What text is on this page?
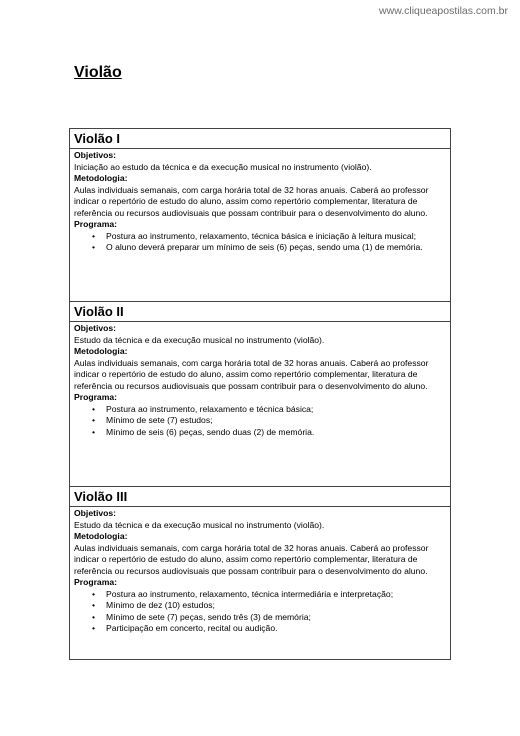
www.cliqueapostilas.com.br
Violão
Violão I
Objetivos:
Iniciação ao estudo da técnica e da execução musical no instrumento (violão).
Metodologia:
Aulas individuais semanais, com carga horária total de 32 horas anuais. Caberá ao professor
indicar o repertório de estudo do aluno, assim como repertório complementar, literatura de
referência ou recursos audiovisuais que possam contribuir para o desenvolvimento do aluno.
Programa:
• Postura ao instrumento, relaxamento, técnica básica e iniciação à leitura musical;
• O aluno deverá preparar um mínimo de seis (6) peças, sendo uma (1) de memória.
Violão II
Objetivos:
Estudo da técnica e da execução musical no instrumento (violão).
Metodologia:
Aulas individuais semanais, com carga horária total de 32 horas anuais. Caberá ao professor
indicar o repertório de estudo do aluno, assim como repertório complementar, literatura de
referência ou recursos audiovisuais que possam contribuir para o desenvolvimento do aluno.
Programa:
• Postura ao instrumento, relaxamento e técnica básica;
• Mínimo de sete (7) estudos;
• Mínimo de seis (6) peças, sendo duas (2) de memória.
Violão III
Objetivos:
Estudo da técnica e da execução musical no instrumento (violão).
Metodologia:
Aulas individuais semanais, com carga horária total de 32 horas anuais. Caberá ao professor
indicar o repertório de estudo do aluno, assim como repertório complementar, literatura de
referência ou recursos audiovisuais que possam contribuir para o desenvolvimento do aluno.
Programa:
• Postura ao instrumento, relaxamento, técnica intermediária e interpretação;
• Mínimo de dez (10) estudos;
• Mínimo de sete (7) peças, sendo três (3) de memória;
• Participação em concerto, recital ou audição.
